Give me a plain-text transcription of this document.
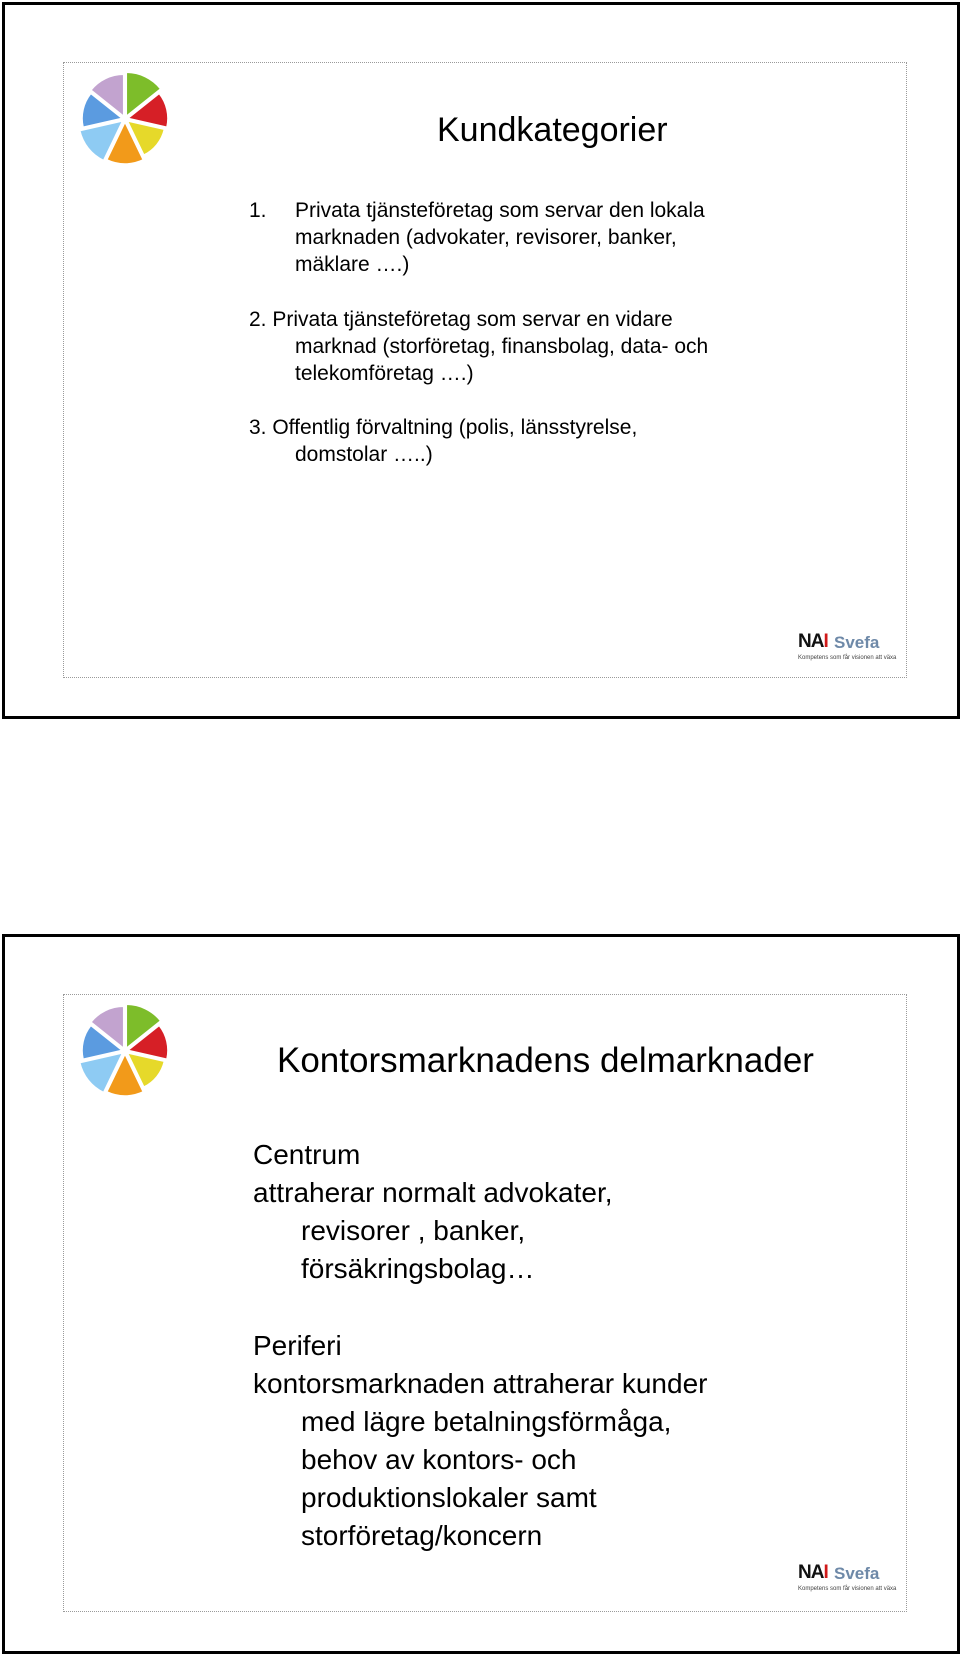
Kundkategorier
1. Privata tjänsteföretag som servar den lokala
marknaden (advokater, revisorer, banker,
mäklare ….)
2. Privata tjänsteföretag som servar en vidare
marknad (storföretag, finansbolag, data- och
telekomföretag ….)
3. Offentlig förvaltning (polis, länsstyrelse,
domstolar …..)
NAI Svefa
Kompetens som får visionen att växa
Kontorsmarknadens delmarknader
Centrum
attraherar normalt advokater,
revisorer , banker,
försäkringsbolag…
Periferi
kontorsmarknaden attraherar kunder
med lägre betalningsförmåga,
behov av kontors- och
produktionslokaler samt
storföretag/koncern
NAI Svefa
Kompetens som får visionen att växa
